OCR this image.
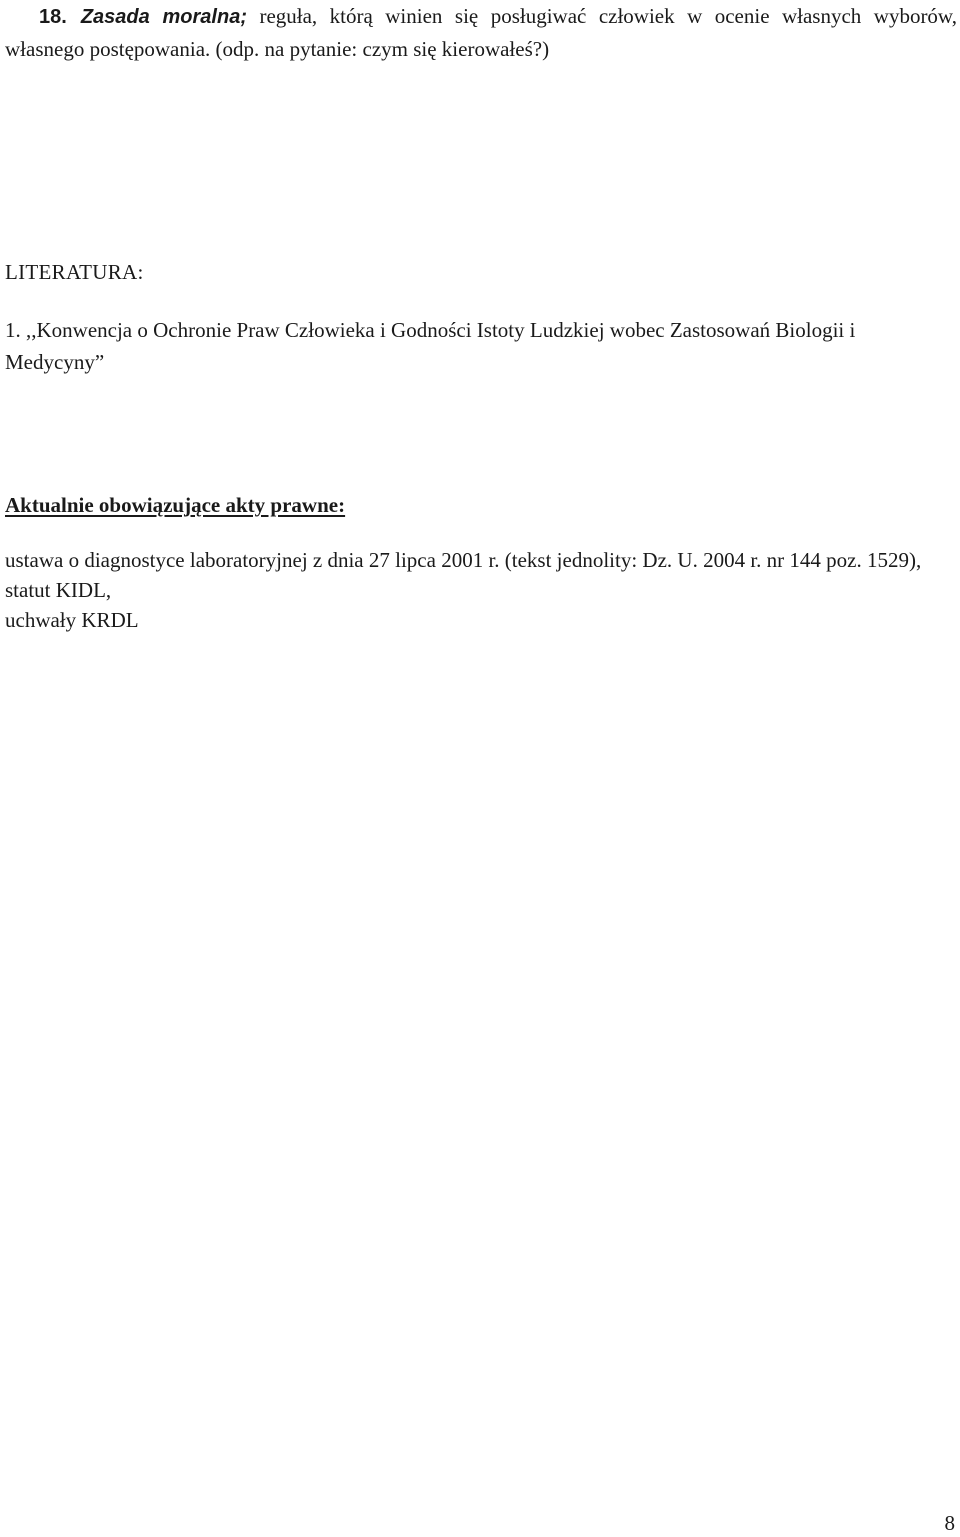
18. Zasada moralna; reguła, którą winien się posługiwać człowiek w ocenie własnych wyborów, własnego postępowania. (odp. na pytanie: czym się kierowałeś?)

LITERATURA:
1. ,,Konwencja o Ochronie Praw Człowieka i Godności Istoty Ludzkiej wobec Zastosowań Biologii i Medycyny”
Aktualnie obowiązujące akty prawne:
ustawa o diagnostyce laboratoryjnej z dnia 27 lipca 2001 r. (tekst jednolity: Dz. U. 2004 r. nr 144 poz. 1529),
statut KIDL,
uchwały KRDL
8
